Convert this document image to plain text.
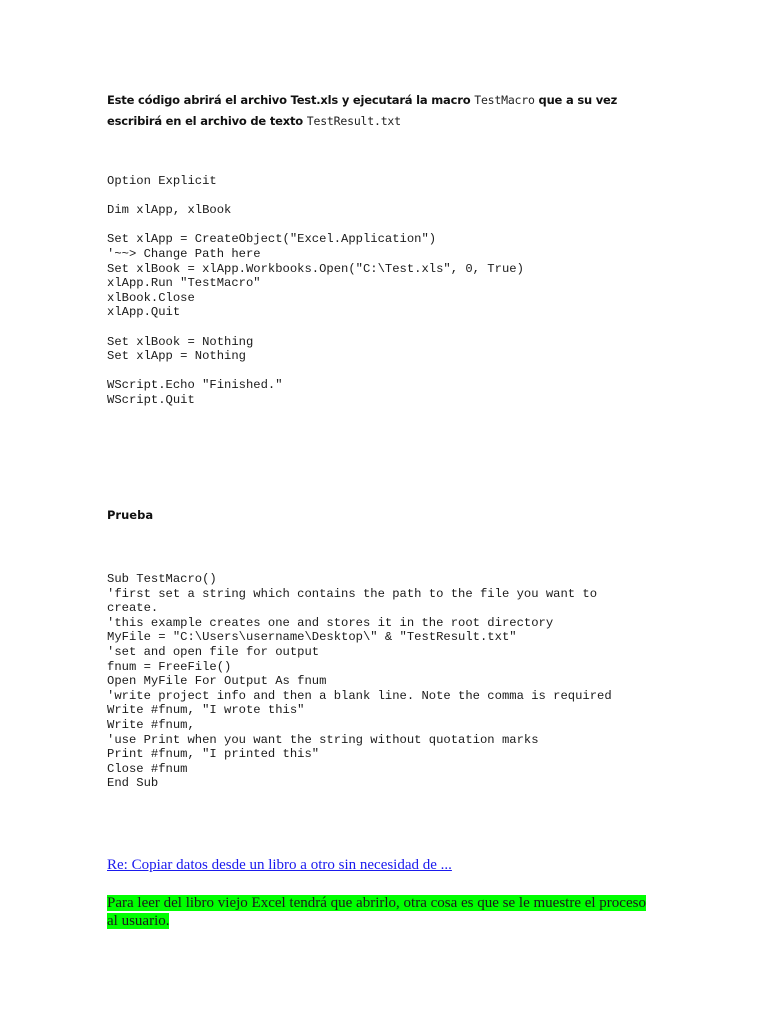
Este código abrirá el archivo Test.xls y ejecutará la macro TestMacro que a su vez escribirá en el archivo de texto TestResult.txt
Option Explicit
Dim xlApp, xlBook
Set xlApp = CreateObject("Excel.Application")
'~~> Change Path here
Set xlBook = xlApp.Workbooks.Open("C:\Test.xls", 0, True)
xlApp.Run "TestMacro"
xlBook.Close
xlApp.Quit
Set xlBook = Nothing
Set xlApp = Nothing
WScript.Echo "Finished."
WScript.Quit
Prueba
Sub TestMacro()
'first set a string which contains the path to the file you want to
create.
'this example creates one and stores it in the root directory
MyFile = "C:\Users\username\Desktop\" & "TestResult.txt"
'set and open file for output
fnum = FreeFile()
Open MyFile For Output As fnum
'write project info and then a blank line. Note the comma is required
Write #fnum, "I wrote this"
Write #fnum,
'use Print when you want the string without quotation marks
Print #fnum, "I printed this"
Close #fnum
End Sub
Re: Copiar datos desde un libro a otro sin necesidad de ...
Para leer del libro viejo Excel tendrá que abrirlo, otra cosa es que se le muestre el proceso al usuario.
